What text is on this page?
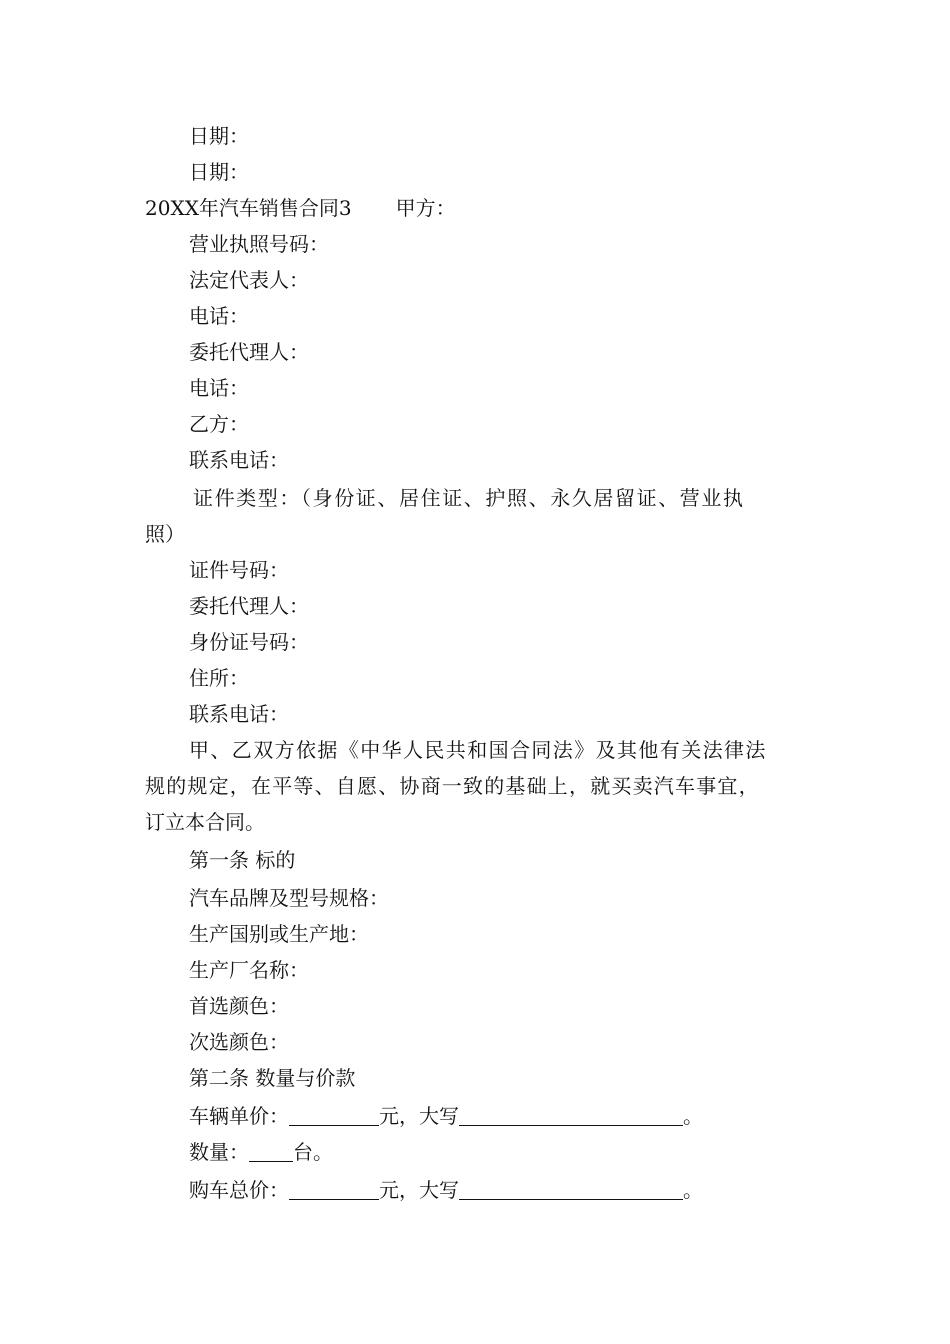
日期：
日期：
20XX年汽车销售合同3 甲方：
营业执照号码：
法定代表人：
电话：
委托代理人：
电话：
乙方：
联系电话：
证件类型：（身份证、居住证、护照、永久居留证、营业执
照）
证件号码：
委托代理人：
身份证号码：
住所：
联系电话：
甲、乙双方依据《中华人民共和国合同法》及其他有关法律法
规的规定，在平等、自愿、协商一致的基础上，就买卖汽车事宜，
订立本合同。
第一条 标的
汽车品牌及型号规格：
生产国别或生产地：
生产厂名称：
首选颜色：
次选颜色：
第二条 数量与价款
车辆单价：	元，大写	。
数量： 台。
购车总价：	元，大写	。
